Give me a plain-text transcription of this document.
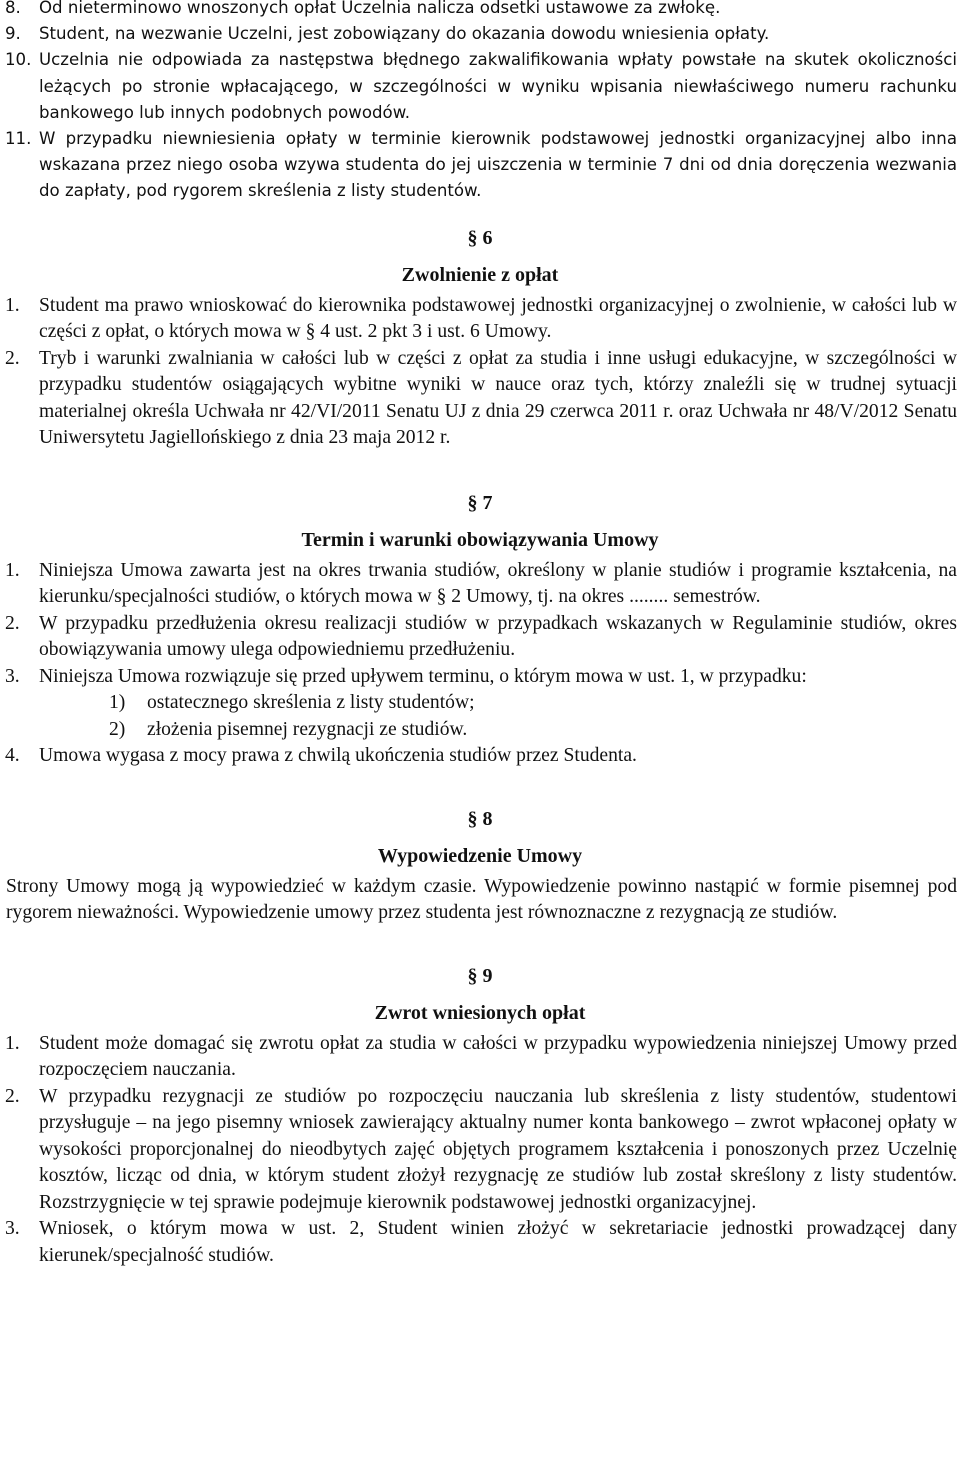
8. Od nieterminowo wnoszonych opłat Uczelnia nalicza odsetki ustawowe za zwłokę.
9. Student, na wezwanie Uczelni, jest zobowiązany do okazania dowodu wniesienia opłaty.
10. Uczelnia nie odpowiada za następstwa błędnego zakwalifikowania wpłaty powstałe na skutek okoliczności leżących po stronie wpłacającego, w szczególności w wyniku wpisania niewłaściwego numeru rachunku bankowego lub innych podobnych powodów.
11. W przypadku niewniesienia opłaty w terminie kierownik podstawowej jednostki organizacyjnej albo inna wskazana przez niego osoba wzywa studenta do jej uiszczenia w terminie 7 dni od dnia doręczenia wezwania do zapłaty, pod rygorem skreślenia z listy studentów.
§ 6
Zwolnienie z opłat
1. Student ma prawo wnioskować do kierownika podstawowej jednostki organizacyjnej o zwolnienie, w całości lub w części z opłat, o których mowa w § 4 ust. 2 pkt 3 i ust. 6 Umowy.
2. Tryb i warunki zwalniania w całości lub w części z opłat za studia i inne usługi edukacyjne, w szczególności w przypadku studentów osiągających wybitne wyniki w nauce oraz tych, którzy znaleźli się w trudnej sytuacji materialnej określa Uchwała nr 42/VI/2011 Senatu UJ z dnia 29 czerwca 2011 r. oraz Uchwała nr 48/V/2012 Senatu Uniwersytetu Jagiellońskiego z dnia 23 maja 2012 r.
§ 7
Termin i warunki obowiązywania Umowy
1. Niniejsza Umowa zawarta jest na okres trwania studiów, określony w planie studiów i programie kształcenia, na kierunku/specjalności studiów, o których mowa w § 2 Umowy, tj. na okres ........ semestrów.
2. W przypadku przedłużenia okresu realizacji studiów w przypadkach wskazanych w Regulaminie studiów, okres obowiązywania umowy ulega odpowiedniemu przedłużeniu.
3. Niniejsza Umowa rozwiązuje się przed upływem terminu, o którym mowa w ust. 1, w przypadku:
1) ostatecznego skreślenia z listy studentów;
2) złożenia pisemnej rezygnacji ze studiów.
4. Umowa wygasa z mocy prawa z chwilą ukończenia studiów przez Studenta.
§ 8
Wypowiedzenie Umowy
Strony Umowy mogą ją wypowiedzieć w każdym czasie. Wypowiedzenie powinno nastąpić w formie pisemnej pod rygorem nieważności. Wypowiedzenie umowy przez studenta jest równoznaczne z rezygnacją ze studiów.
§ 9
Zwrot wniesionych opłat
1. Student może domagać się zwrotu opłat za studia w całości w przypadku wypowiedzenia niniejszej Umowy przed rozpoczęciem nauczania.
2. W przypadku rezygnacji ze studiów po rozpoczęciu nauczania lub skreślenia z listy studentów, studentowi przysługuje – na jego pisemny wniosek zawierający aktualny numer konta bankowego – zwrot wpłaconej opłaty w wysokości proporcjonalnej do nieodbytych zajęć objętych programem kształcenia i ponoszonych przez Uczelnię kosztów, licząc od dnia, w którym student złożył rezygnację ze studiów lub został skreślony z listy studentów. Rozstrzygnięcie w tej sprawie podejmuje kierownik podstawowej jednostki organizacyjnej.
3. Wniosek, o którym mowa w ust. 2, Student winien złożyć w sekretariacie jednostki prowadzącej dany kierunek/specjalność studiów.
